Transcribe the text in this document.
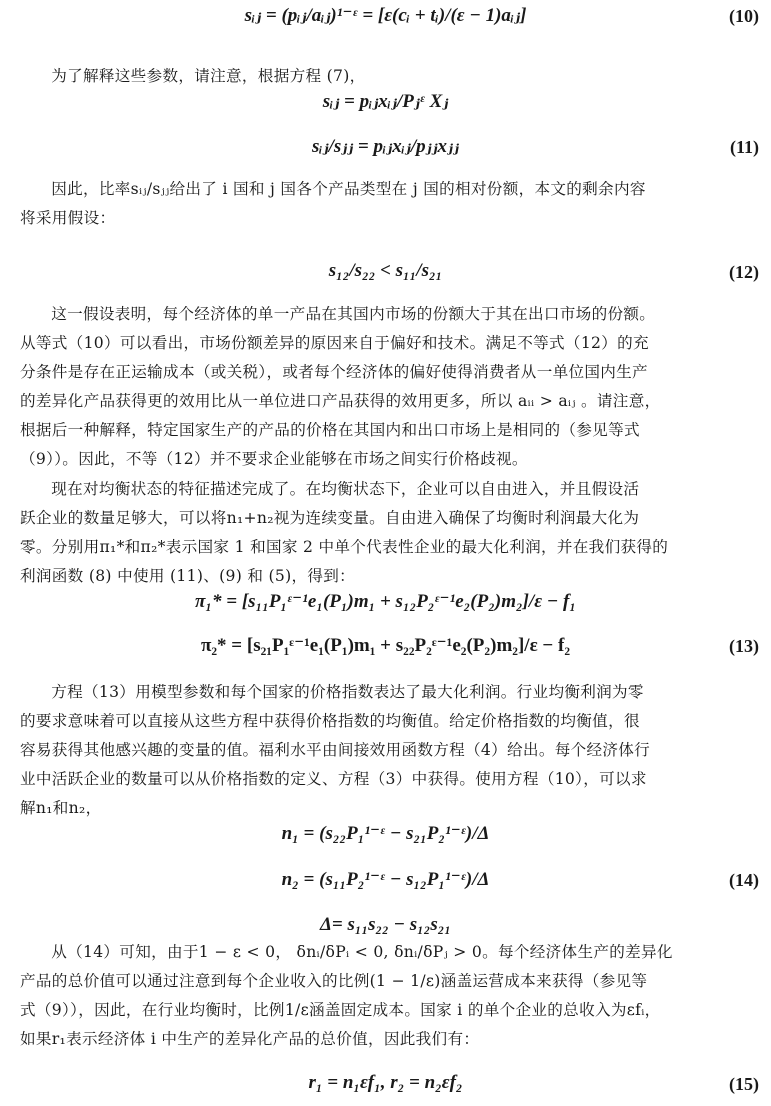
sᵢⱼ = (pᵢⱼ/aᵢⱼ)¹⁻ᵋ = [ε(cᵢ + tᵢ)/(ε − 1)aᵢⱼ]	(10)
为了解释这些参数，请注意，根据方程 (7)，
sᵢⱼ = pᵢⱼxᵢⱼ/Pⱼᵋ Xⱼ
sᵢⱼ/sⱼⱼ = pᵢⱼxᵢⱼ/pⱼⱼxⱼⱼ	(11)
因此，比率sᵢⱼ/sⱼⱼ给出了 i 国和 j 国各个产品类型在 j 国的相对份额，本文的剩余内容
将采用假设：
s₁₂/s₂₂ < s₁₁/s₂₁	(12)
这一假设表明，每个经济体的单一产品在其国内市场的份额大于其在出口市场的份额。
从等式（10）可以看出，市场份额差异的原因来自于偏好和技术。满足不等式（12）的充
分条件是存在正运输成本（或关税），或者每个经济体的偏好使得消费者从一单位国内生产
的差异化产品获得更的效用比从一单位进口产品获得的效用更多，所以 aᵢᵢ > aᵢⱼ 。请注意，
根据后一种解释，特定国家生产的产品的价格在其国内和出口市场上是相同的（参见等式
（9））。因此，不等（12）并不要求企业能够在市场之间实行价格歧视。
现在对均衡状态的特征描述完成了。在均衡状态下，企业可以自由进入，并且假设活
跃企业的数量足够大，可以将n₁+n₂视为连续变量。自由进入确保了均衡时利润最大化为
零。分别用π₁*和π₂*表示国家 1 和国家 2 中单个代表性企业的最大化利润，并在我们获得的
利润函数 (8) 中使用 (11)、(9) 和 (5)，得到：
π₁* = [s₁₁P₁ᵋ⁻¹e₁(P₁)m₁ + s₁₂P₂ᵋ⁻¹e₂(P₂)m₂]/ε − f₁
π₂* = [s₂₁P₁ᵋ⁻¹e₁(P₁)m₁ + s₂₂P₂ᵋ⁻¹e₂(P₂)m₂]/ε − f₂	(13)
方程（13）用模型参数和每个国家的价格指数表达了最大化利润。行业均衡利润为零
的要求意味着可以直接从这些方程中获得价格指数的均衡值。给定价格指数的均衡值，很
容易获得其他感兴趣的变量的值。福利水平由间接效用函数方程（4）给出。每个经济体行
业中活跃企业的数量可以从价格指数的定义、方程（3）中获得。使用方程（10），可以求
解n₁和n₂，
n₁ = (s₂₂P₁¹⁻ᵋ − s₂₁P₂¹⁻ᵋ)/Δ
n₂ = (s₁₁P₂¹⁻ᵋ − s₁₂P₁¹⁻ᵋ)/Δ	(14)
Δ= s₁₁s₂₂ − s₁₂s₂₁
从（14）可知，由于1 − ε < 0， δnᵢ/δPᵢ < 0, δnᵢ/δPⱼ > 0。每个经济体生产的差异化
产品的总价值可以通过注意到每个企业收入的比例(1 − 1/ε)涵盖运营成本来获得（参见等
式（9）），因此，在行业均衡时，比例1/ε涵盖固定成本。国家 i 的单个企业的总收入为εfᵢ，
如果r₁表示经济体 i 中生产的差异化产品的总价值，因此我们有：
r₁ = n₁εf₁, r₂ = n₂εf₂	(15)
